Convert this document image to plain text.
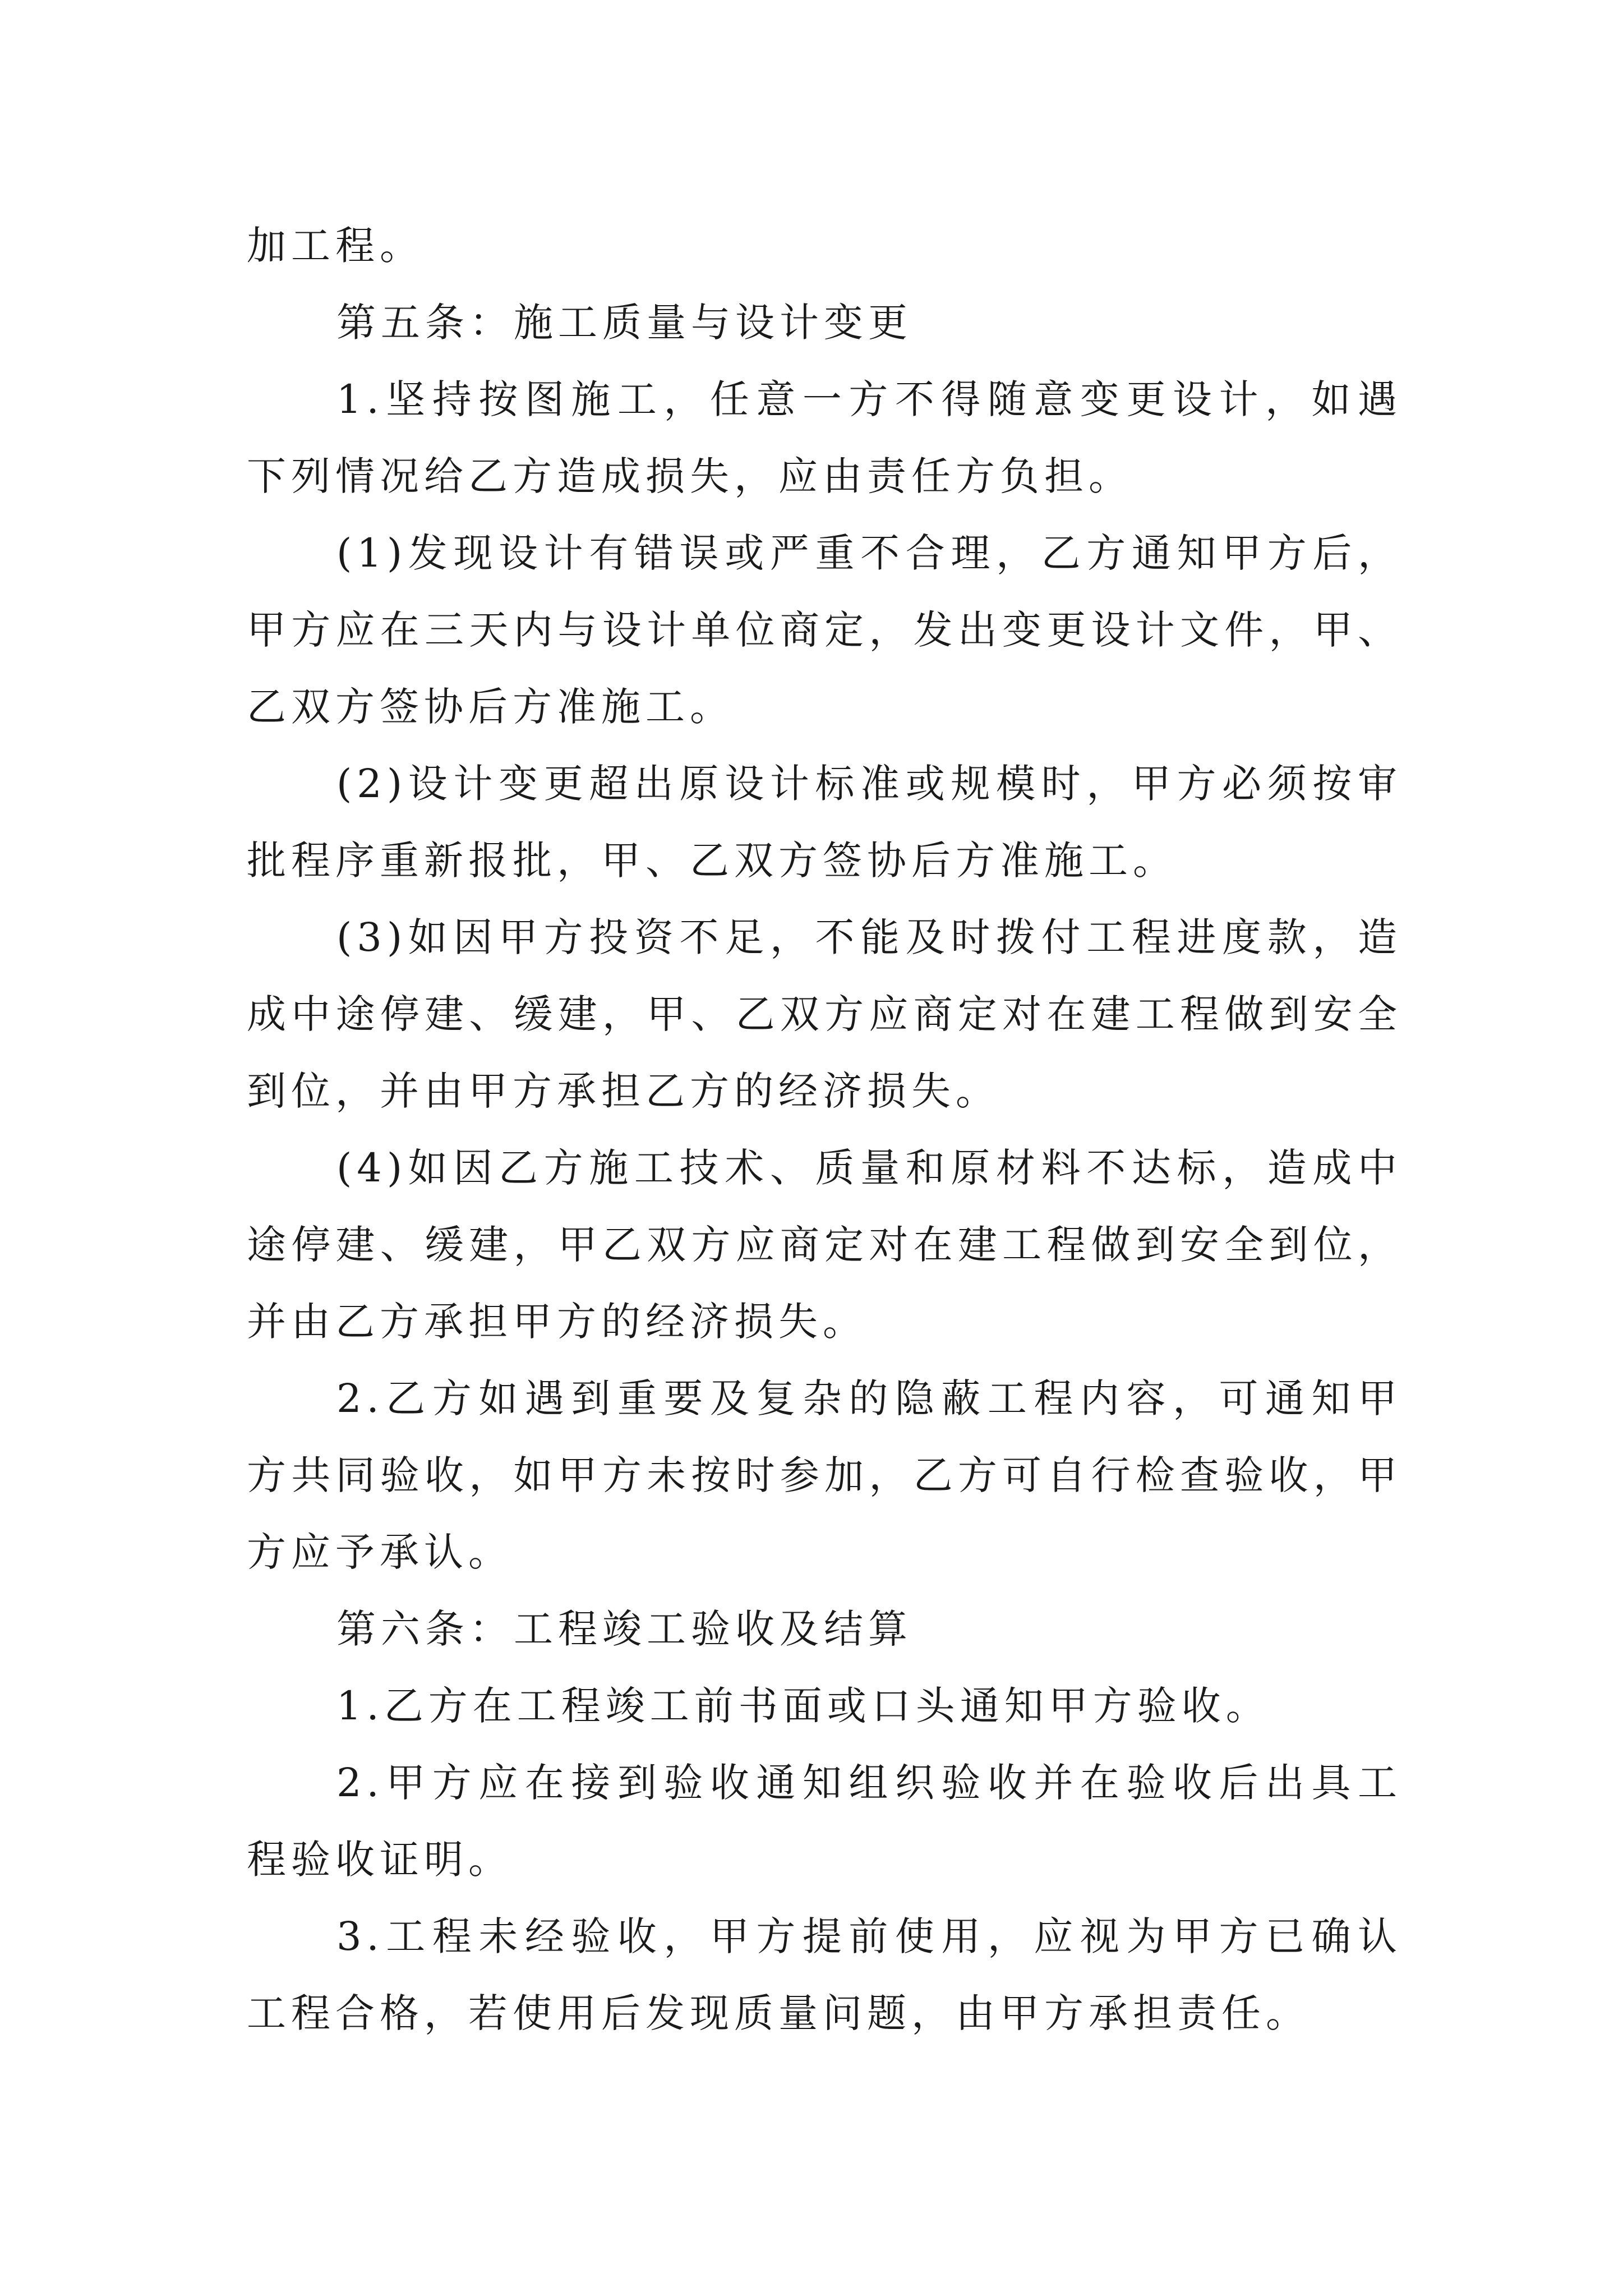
加工程。

第五条：施工质量与设计变更

1.坚持按图施工，任意一方不得随意变更设计，如遇下列情况给乙方造成损失，应由责任方负担。

(1)发现设计有错误或严重不合理，乙方通知甲方后，甲方应在三天内与设计单位商定，发出变更设计文件，甲、乙双方签协后方准施工。

(2)设计变更超出原设计标准或规模时，甲方必须按审批程序重新报批，甲、乙双方签协后方准施工。

(3)如因甲方投资不足，不能及时拨付工程进度款，造成中途停建、缓建，甲、乙双方应商定对在建工程做到安全到位，并由甲方承担乙方的经济损失。

(4)如因乙方施工技术、质量和原材料不达标，造成中途停建、缓建，甲乙双方应商定对在建工程做到安全到位，并由乙方承担甲方的经济损失。

2.乙方如遇到重要及复杂的隐蔽工程内容，可通知甲方共同验收，如甲方未按时参加，乙方可自行检查验收，甲方应予承认。

第六条：工程竣工验收及结算

1.乙方在工程竣工前书面或口头通知甲方验收。

2.甲方应在接到验收通知组织验收并在验收后出具工程验收证明。

3.工程未经验收，甲方提前使用，应视为甲方已确认工程合格，若使用后发现质量问题，由甲方承担责任。
